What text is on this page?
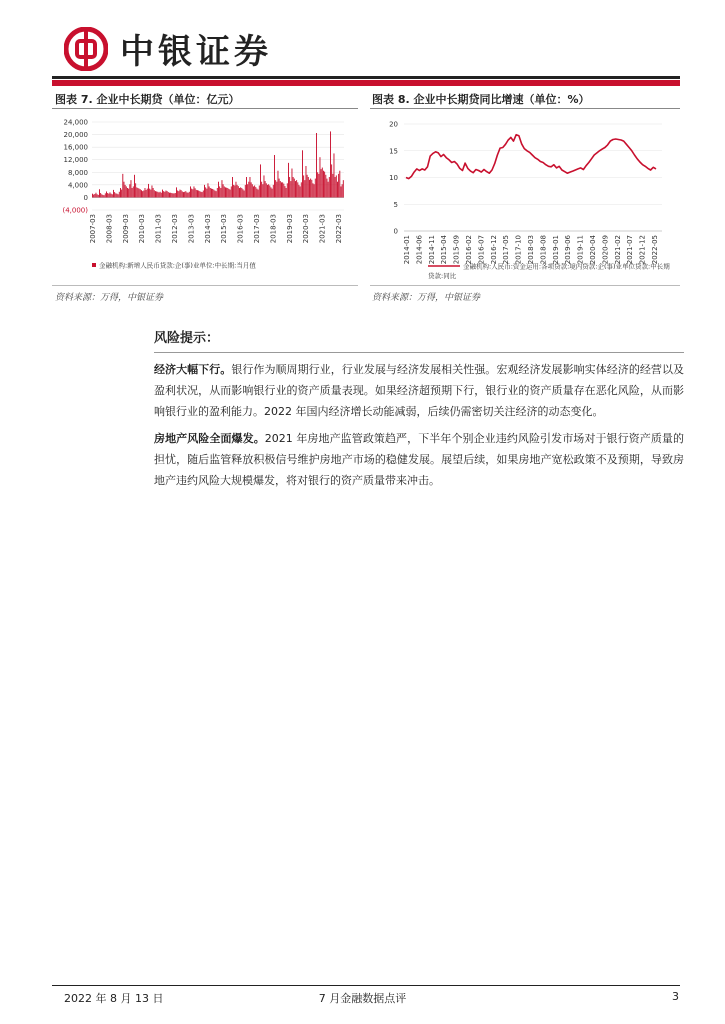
中银证券
图表 7. 企业中长期贷（单位：亿元）
24,000
20,000
16,000
12,000
8,000
4,000
0
(4,000)
2007-03 2008-03 2009-03 2010-03 2011-03 2012-03 2013-03 2014-03 2015-03 2016-03 2017-03 2018-03 2019-03 2020-03 2021-03 2022-03
金融机构:新增人民币贷款:企(事)业单位:中长期:当月值
资料来源：万得，中银证券
图表 8. 企业中长期贷同比增速（单位：%）
20
15
10
5
0
2014-01 2014-06 2014-11 2015-04 2015-09 2016-02 2016-07 2016-12 2017-05 2017-10 2018-03 2018-08 2019-01 2019-06 2019-11 2020-04 2020-09 2021-02 2021-07 2021-12 2022-05
金融机构:人民币:资金运用:各项贷款:境内贷款:企(事)业单位贷款:中长期
贷款:同比
资料来源：万得，中银证券
风险提示：

经济大幅下行。银行作为顺周期行业，行业发展与经济发展相关性强。宏观经济发展影响实体经济的经营以及盈利状况，从而影响银行业的资产质量表现。如果经济超预期下行，银行业的资产质量存在恶化风险，从而影响银行业的盈利能力。2022 年国内经济增长动能减弱，后续仍需密切关注经济的动态变化。

房地产风险全面爆发。2021 年房地产监管政策趋严，下半年个别企业违约风险引发市场对于银行资产质量的担忧，随后监管释放积极信号维护房地产市场的稳健发展。展望后续，如果房地产宽松政策不及预期，导致房地产违约风险大规模爆发，将对银行的资产质量带来冲击。

2022 年 8 月 13 日	7 月金融数据点评	3
